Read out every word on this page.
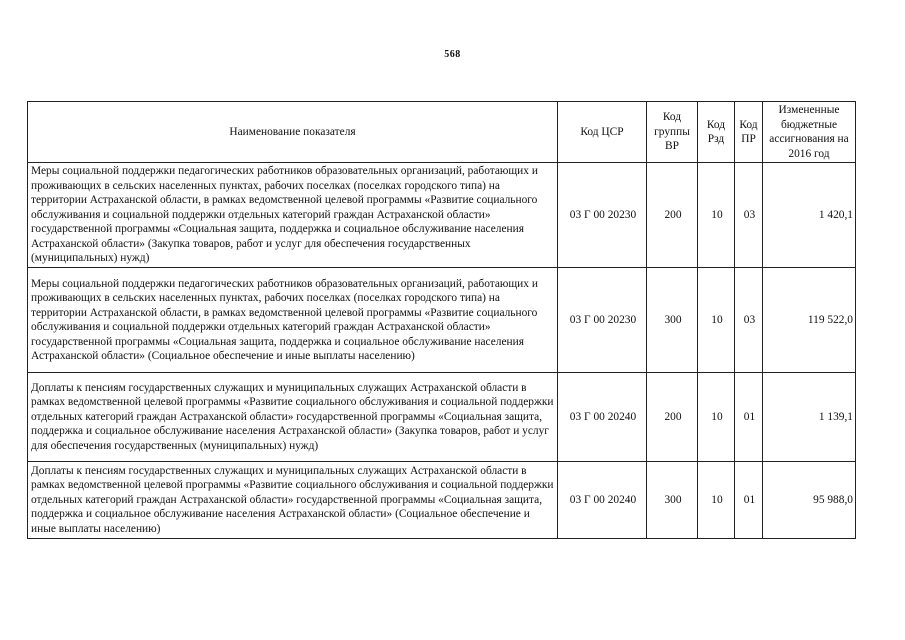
568
Наименование показателя	Код ЦСР	Код группы ВР	Код Рзд	Код ПР	Измененные бюджетные ассигнования на 2016 год
Меры социальной поддержки педагогических работников образовательных организаций, работающих и проживающих в сельских населенных пунктах, рабочих поселках (поселках городского типа) на территории Астраханской области, в рамках ведомственной целевой программы «Развитие социального обслуживания и социальной поддержки отдельных категорий граждан Астраханской области» государственной программы «Социальная защита, поддержка и социальное обслуживание населения Астраханской области» (Закупка товаров, работ и услуг для обеспечения государственных (муниципальных) нужд)	03 Г 00 20230	200	10	03	1 420,1
Меры социальной поддержки педагогических работников образовательных организаций, работающих и проживающих в сельских населенных пунктах, рабочих поселках (поселках городского типа) на территории Астраханской области, в рамках ведомственной целевой программы «Развитие социального обслуживания и социальной поддержки отдельных категорий граждан Астраханской области» государственной программы «Социальная защита, поддержка и социальное обслуживание населения Астраханской области» (Социальное обеспечение и иные выплаты населению)	03 Г 00 20230	300	10	03	119 522,0
Доплаты к пенсиям государственных служащих и муниципальных служащих Астраханской области в рамках ведомственной целевой программы «Развитие социального обслуживания и социальной поддержки отдельных категорий граждан Астраханской области» государственной программы «Социальная защита, поддержка и социальное обслуживание населения Астраханской области» (Закупка товаров, работ и услуг для обеспечения государственных (муниципальных) нужд)	03 Г 00 20240	200	10	01	1 139,1
Доплаты к пенсиям государственных служащих и муниципальных служащих Астраханской области в рамках ведомственной целевой программы «Развитие социального обслуживания и социальной поддержки отдельных категорий граждан Астраханской области» государственной программы «Социальная защита, поддержка и социальное обслуживание населения Астраханской области» (Социальное обеспечение и иные выплаты населению)	03 Г 00 20240	300	10	01	95 988,0
